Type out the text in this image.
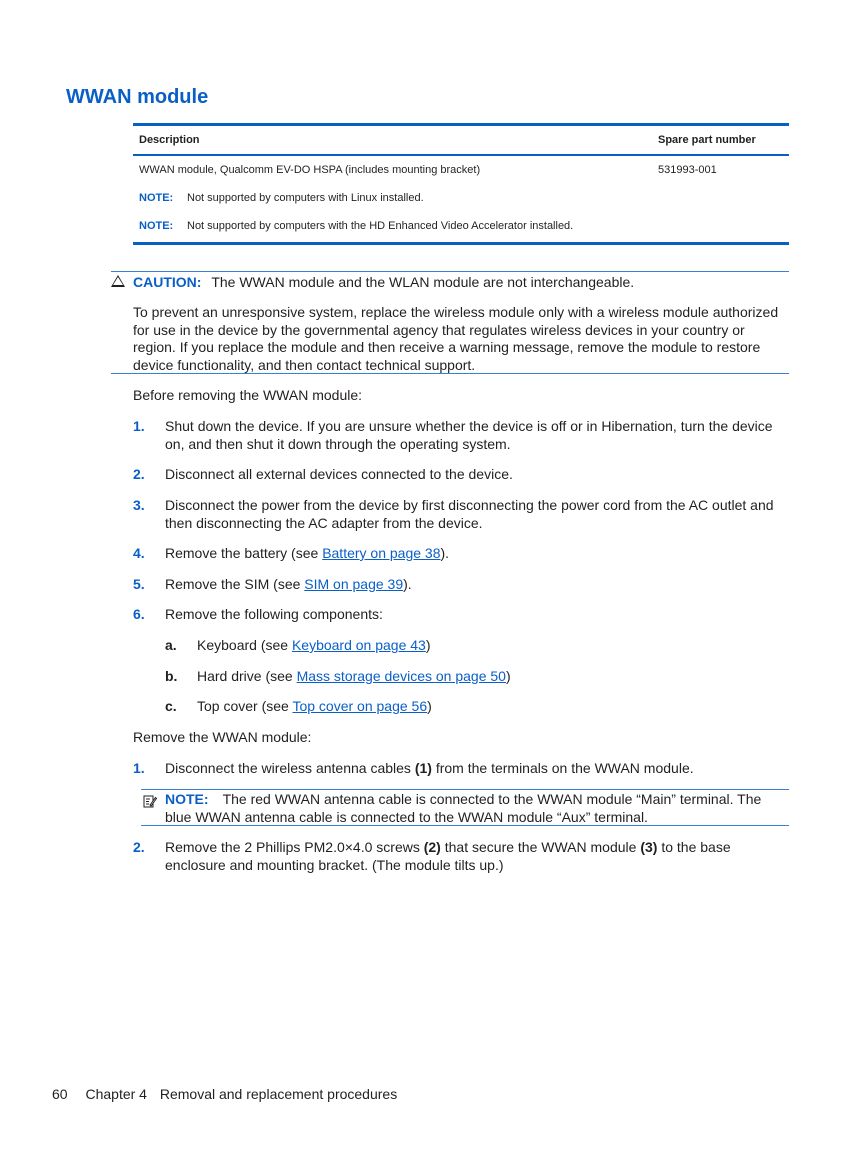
WWAN module
Description	Spare part number
WWAN module, Qualcomm EV-DO HSPA (includes mounting bracket)	531993-001
NOTE:	Not supported by computers with Linux installed.
NOTE:	Not supported by computers with the HD Enhanced Video Accelerator installed.
CAUTION: The WWAN module and the WLAN module are not interchangeable.

To prevent an unresponsive system, replace the wireless module only with a wireless module authorized for use in the device by the governmental agency that regulates wireless devices in your country or region. If you replace the module and then receive a warning message, remove the module to restore device functionality, and then contact technical support.

Before removing the WWAN module:

1. Shut down the device. If you are unsure whether the device is off or in Hibernation, turn the device on, and then shut it down through the operating system.
2. Disconnect all external devices connected to the device.
3. Disconnect the power from the device by first disconnecting the power cord from the AC outlet and then disconnecting the AC adapter from the device.
4. Remove the battery (see Battery on page 38).
5. Remove the SIM (see SIM on page 39).
6. Remove the following components:
a. Keyboard (see Keyboard on page 43)
b. Hard drive (see Mass storage devices on page 50)
c. Top cover (see Top cover on page 56)

Remove the WWAN module:

1. Disconnect the wireless antenna cables (1) from the terminals on the WWAN module.
NOTE: The red WWAN antenna cable is connected to the WWAN module “Main” terminal. The blue WWAN antenna cable is connected to the WWAN module “Aux” terminal.
2. Remove the 2 Phillips PM2.0×4.0 screws (2) that secure the WWAN module (3) to the base enclosure and mounting bracket. (The module tilts up.)
60 Chapter 4 Removal and replacement procedures
